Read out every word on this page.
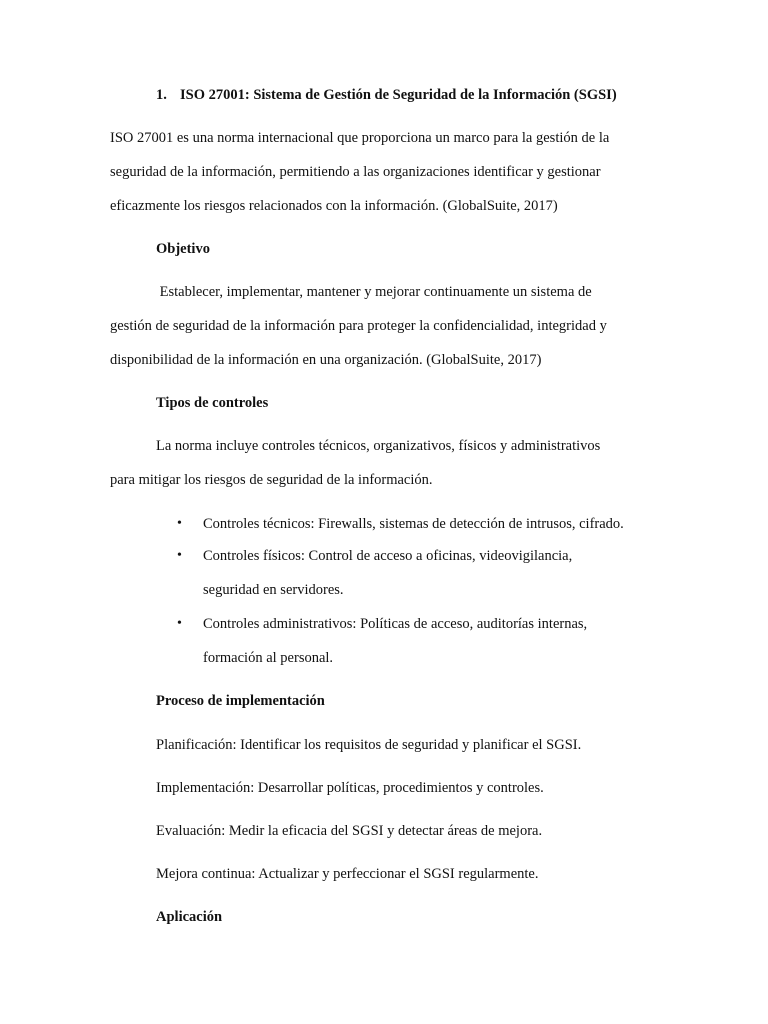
1. ISO 27001: Sistema de Gestión de Seguridad de la Información (SGSI)
ISO 27001 es una norma internacional que proporciona un marco para la gestión de la
seguridad de la información, permitiendo a las organizaciones identificar y gestionar
eficazmente los riesgos relacionados con la información. (GlobalSuite, 2017)
Objetivo
Establecer, implementar, mantener y mejorar continuamente un sistema de
gestión de seguridad de la información para proteger la confidencialidad, integridad y
disponibilidad de la información en una organización. (GlobalSuite, 2017)
Tipos de controles
La norma incluye controles técnicos, organizativos, físicos y administrativos
para mitigar los riesgos de seguridad de la información.
• Controles técnicos: Firewalls, sistemas de detección de intrusos, cifrado.
• Controles físicos: Control de acceso a oficinas, videovigilancia,
seguridad en servidores.
• Controles administrativos: Políticas de acceso, auditorías internas,
formación al personal.
Proceso de implementación
Planificación: Identificar los requisitos de seguridad y planificar el SGSI.
Implementación: Desarrollar políticas, procedimientos y controles.
Evaluación: Medir la eficacia del SGSI y detectar áreas de mejora.
Mejora continua: Actualizar y perfeccionar el SGSI regularmente.
Aplicación
